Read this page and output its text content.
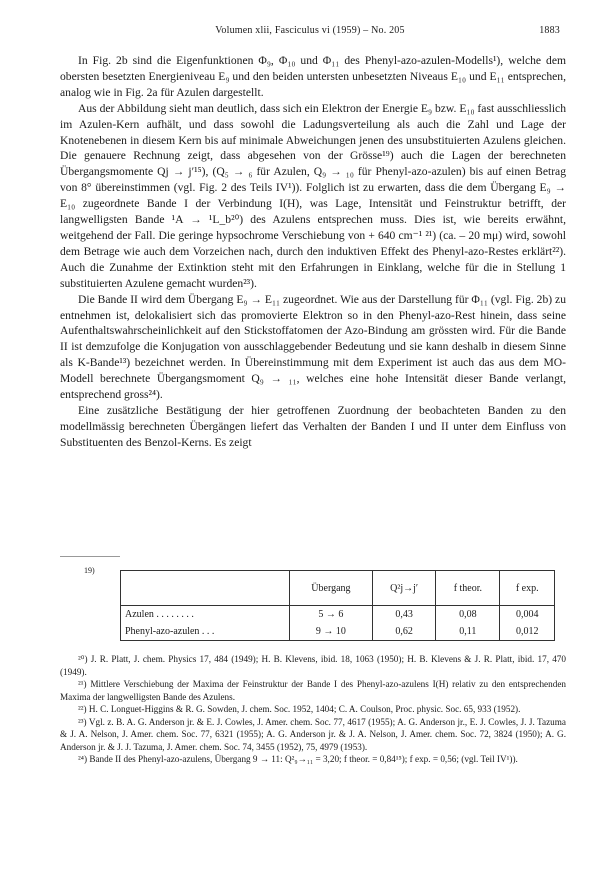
Volumen xlii, Fasciculus vi (1959) – No. 205	1883

In Fig. 2b sind die Eigenfunktionen Φ₉, Φ₁₀ und Φ₁₁ des Phenyl-azo-azulen-Modells¹), welche dem obersten besetzten Energieniveau E₉ und den beiden untersten unbesetzten Niveaus E₁₀ und E₁₁ entsprechen, analog wie in Fig. 2a für Azulen dargestellt.

Aus der Abbildung sieht man deutlich, dass sich ein Elektron der Energie E₉ bzw. E₁₀ fast ausschliesslich im Azulen-Kern aufhält, und dass sowohl die Ladungsverteilung als auch die Zahl und Lage der Knotenebenen in diesem Kern bis auf minimale Abweichungen jenen des unsubstituierten Azulens gleichen. Die genauere Rechnung zeigt, dass abgesehen von der Grösse¹⁹) auch die Lagen der berechneten Übergangsmomente Qj → j′¹⁵), (Q₅ → ₆ für Azulen, Q₉ → ₁₀ für Phenyl-azo-azulen) bis auf einen Betrag von 8° übereinstimmen (vgl. Fig. 2 des Teils IV¹)). Folglich ist zu erwarten, dass die dem Übergang E₉ → E₁₀ zugeordnete Bande I der Verbindung I(H), was Lage, Intensität und Feinstruktur betrifft, der langwelligsten Bande ¹A → ¹L_b²⁰) des Azulens entsprechen muss. Dies ist, wie bereits erwähnt, weitgehend der Fall. Die geringe hypsochrome Verschiebung von + 640 cm⁻¹ ²¹) (ca. – 20 mμ) wird, sowohl dem Betrage wie auch dem Vorzeichen nach, durch den induktiven Effekt des Phenyl-azo-Restes erklärt²²). Auch die Zunahme der Extinktion steht mit den Erfahrungen in Einklang, welche für die in Stellung 1 substituierten Azulene gemacht wurden²³).

Die Bande II wird dem Übergang E₉ → E₁₁ zugeordnet. Wie aus der Darstellung für Φ₁₁ (vgl. Fig. 2b) zu entnehmen ist, delokalisiert sich das promovierte Elektron so in den Phenyl-azo-Rest hinein, dass seine Aufenthaltswahrscheinlichkeit auf den Stickstoffatomen der Azo-Bindung am grössten wird. Für die Bande II ist demzufolge die Konjugation von ausschlaggebender Bedeutung und sie kann deshalb in diesem Sinne als K-Bande¹³) bezeichnet werden. In Übereinstimmung mit dem Experiment ist auch das aus dem MO-Modell berechnete Übergangsmoment Q₉ → ₁₁, welches eine hohe Intensität dieser Bande verlangt, entsprechend gross²⁴).

Eine zusätzliche Bestätigung der hier getroffenen Zuordnung der beobachteten Banden zu den modellmässig berechneten Übergängen liefert das Verhalten der Banden I und II unter dem Einfluss von Substituenten des Benzol-Kerns. Es zeigt

19)
	Übergang	Q²j→j′	f theor.	f exp.
Azulen . . . . . . . .	5 → 6	0,43	0,08	0,004
Phenyl-azo-azulen . . .	9 → 10	0,62	0,11	0,012

²⁰) J. R. Platt, J. chem. Physics 17, 484 (1949); H. B. Klevens, ibid. 18, 1063 (1950); H. B. Klevens & J. R. Platt, ibid. 17, 470 (1949).

²¹) Mittlere Verschiebung der Maxima der Feinstruktur der Bande I des Phenyl-azo-azulens I(H) relativ zu den entsprechenden Maxima der langwelligsten Bande des Azulens.

²²) H. C. Longuet-Higgins & R. G. Sowden, J. chem. Soc. 1952, 1404; C. A. Coulson, Proc. physic. Soc. 65, 933 (1952).

²³) Vgl. z. B. A. G. Anderson jr. & E. J. Cowles, J. Amer. chem. Soc. 77, 4617 (1955); A. G. Anderson jr., E. J. Cowles, J. J. Tazuma & J. A. Nelson, J. Amer. chem. Soc. 77, 6321 (1955); A. G. Anderson jr. & J. A. Nelson, J. Amer. chem. Soc. 72, 3824 (1950); A. G. Anderson jr. & J. J. Tazuma, J. Amer. chem. Soc. 74, 3455 (1952), 75, 4979 (1953).

²⁴) Bande II des Phenyl-azo-azulens, Übergang 9 → 11: Q²₉→₁₁ = 3,20; f theor. = 0,84¹⁵); f exp. = 0,56; (vgl. Teil IV¹)).
